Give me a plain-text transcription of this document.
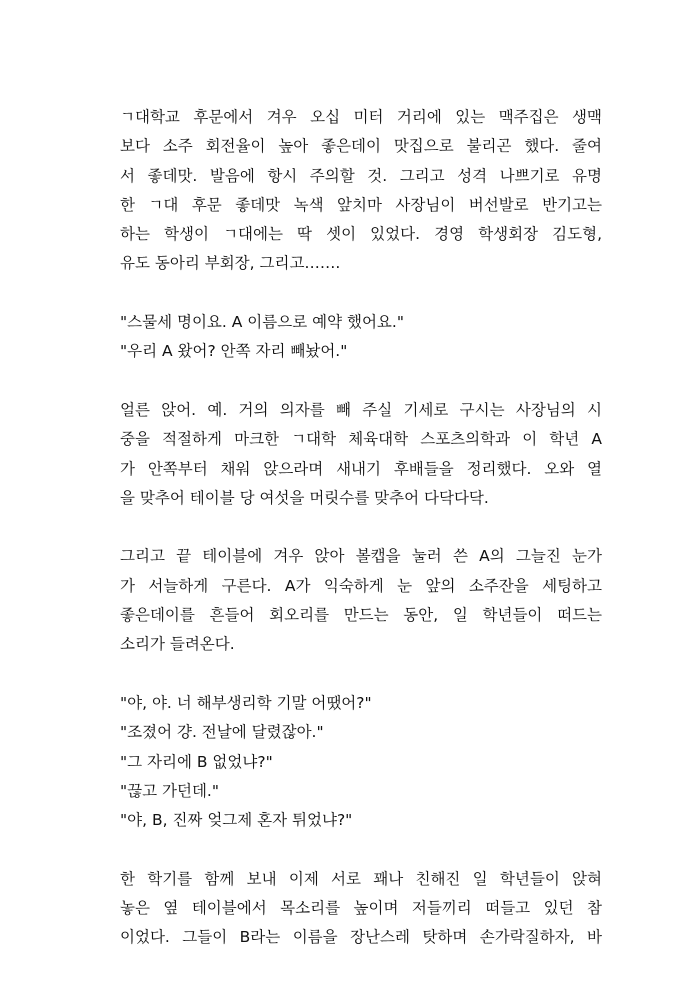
ㄱ대학교 후문에서 겨우 오십 미터 거리에 있는 맥주집은 생맥
보다 소주 회전율이 높아 좋은데이 맛집으로 불리곤 했다. 줄여
서 좋데맛. 발음에 항시 주의할 것. 그리고 성격 나쁘기로 유명
한 ㄱ대 후문 좋데맛 녹색 앞치마 사장님이 버선발로 반기고는
하는 학생이 ㄱ대에는 딱 셋이 있었다. 경영 학생회장 김도형,
유도 동아리 부회장, 그리고…….
"스물세 명이요. A 이름으로 예약 했어요."
"우리 A 왔어? 안쪽 자리 빼놨어."
얼른 앉어. 예. 거의 의자를 빼 주실 기세로 구시는 사장님의 시
중을 적절하게 마크한 ㄱ대학 체육대학 스포츠의학과 이 학년 A
가 안쪽부터 채워 앉으라며 새내기 후배들을 정리했다. 오와 열
을 맞추어 테이블 당 여섯을 머릿수를 맞추어 다닥다닥.
그리고 끝 테이블에 겨우 앉아 볼캡을 눌러 쓴 A의 그늘진 눈가
가 서늘하게 구른다. A가 익숙하게 눈 앞의 소주잔을 세팅하고
좋은데이를 흔들어 회오리를 만드는 동안, 일 학년들이 떠드는
소리가 들려온다.
"야, 야. 너 해부생리학 기말 어땠어?"
"조졌어 걍. 전날에 달렸잖아."
"그 자리에 B 없었냐?"
"끊고 가던데."
"야, B, 진짜 엊그제 혼자 튀었냐?"
한 학기를 함께 보내 이제 서로 꽤나 친해진 일 학년들이 앉혀
놓은 옆 테이블에서 목소리를 높이며 저들끼리 떠들고 있던 참
이었다. 그들이 B라는 이름을 장난스레 탓하며 손가락질하자, 바
